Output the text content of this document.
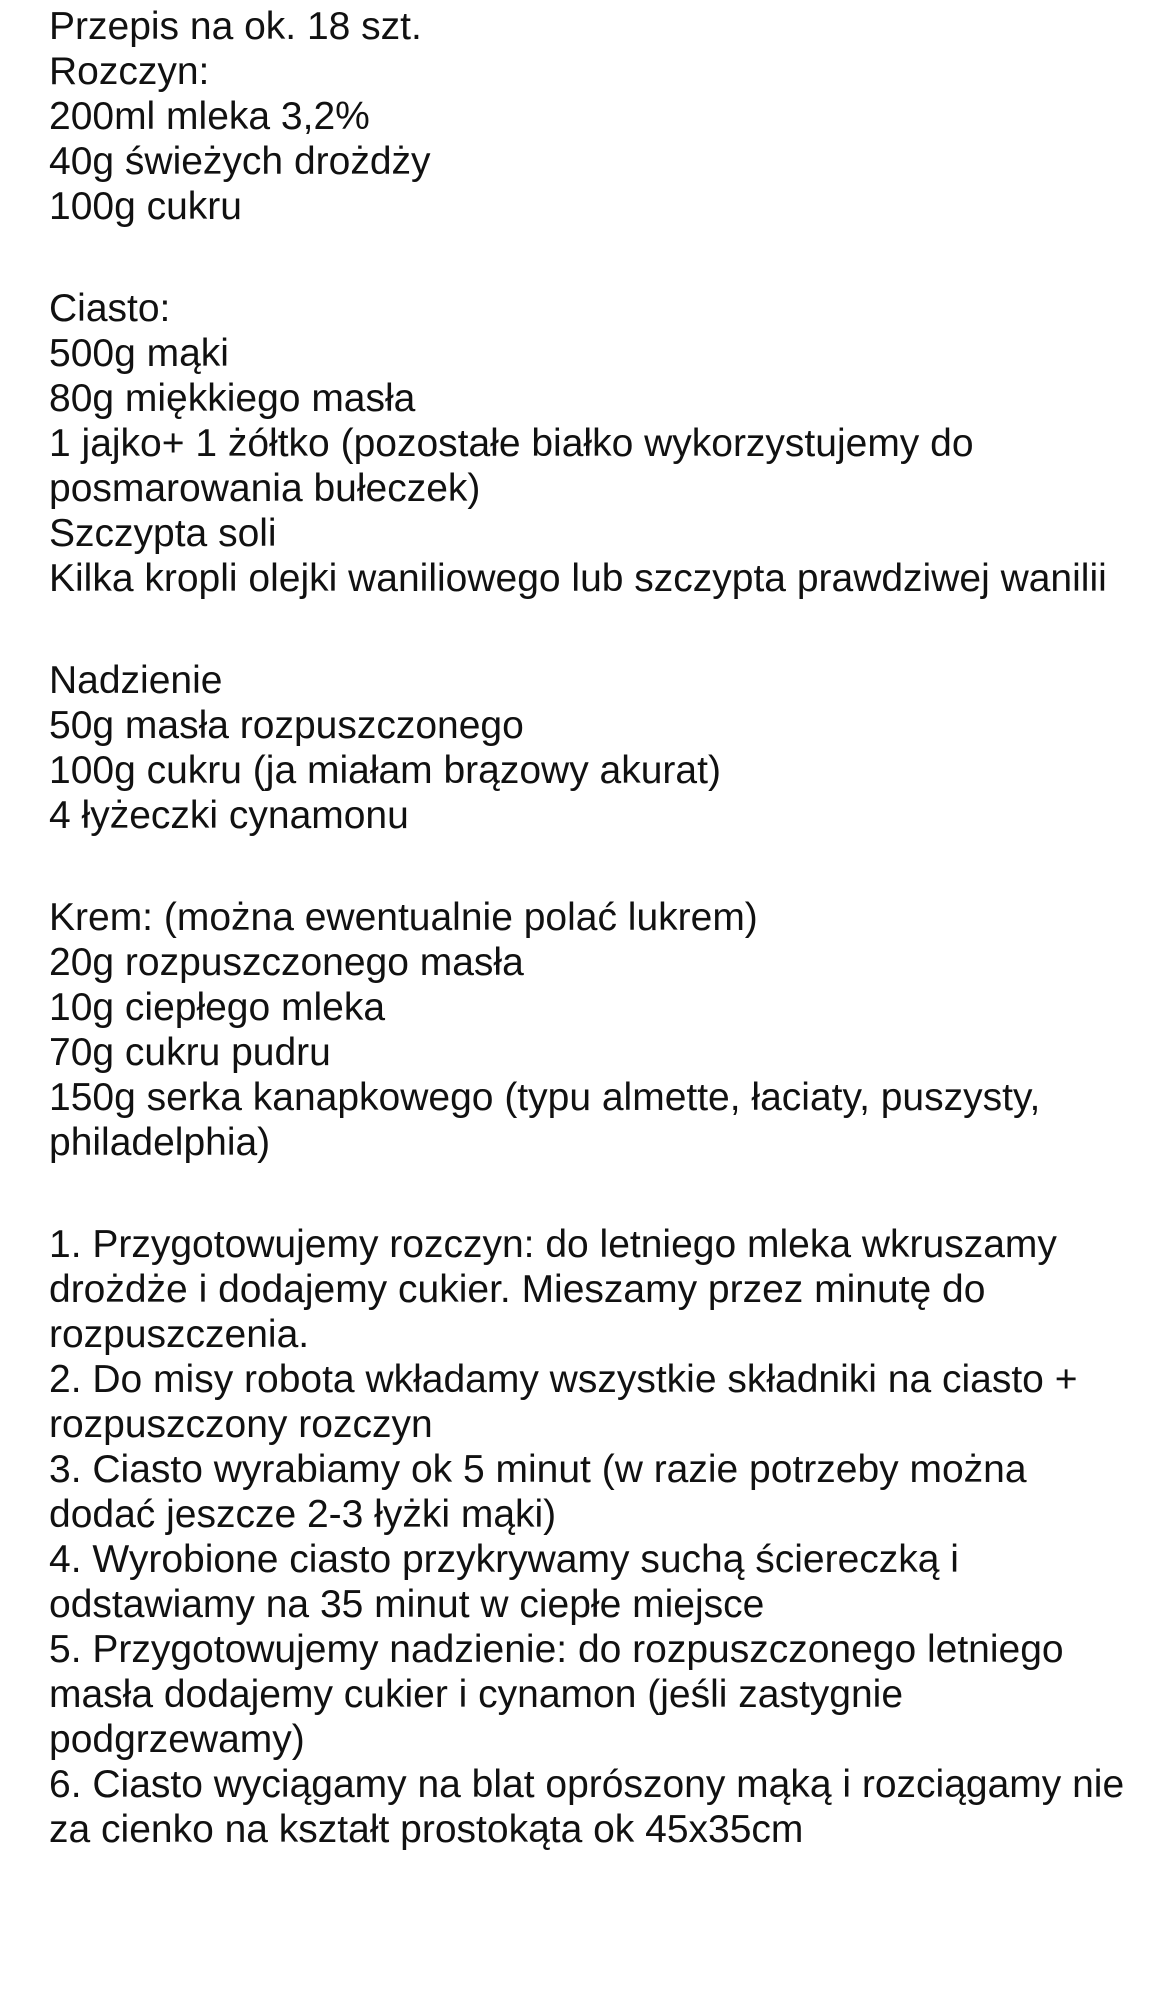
Przepis na ok. 18 szt.
Rozczyn:
200ml mleka 3,2%
40g świeżych drożdży
100g cukru
Ciasto:
500g mąki
80g miękkiego masła
1 jajko+ 1 żółtko (pozostałe białko wykorzystujemy do posmarowania bułeczek)
Szczypta soli
Kilka kropli olejki waniliowego lub szczypta prawdziwej wanilii
Nadzienie
50g masła rozpuszczonego
100g cukru (ja miałam brązowy akurat)
4 łyżeczki cynamonu
Krem: (można ewentualnie polać lukrem)
20g rozpuszczonego masła
10g ciepłego mleka
70g cukru pudru
150g serka kanapkowego (typu almette, łaciaty, puszysty, philadelphia)
1. Przygotowujemy rozczyn: do letniego mleka wkruszamy drożdże i dodajemy cukier. Mieszamy przez minutę do rozpuszczenia.
2. Do misy robota wkładamy wszystkie składniki na ciasto + rozpuszczony rozczyn
3. Ciasto wyrabiamy ok 5 minut (w razie potrzeby można dodać jeszcze 2-3 łyżki mąki)
4. Wyrobione ciasto przykrywamy suchą ściereczką i odstawiamy na 35 minut w ciepłe miejsce
5. Przygotowujemy nadzienie: do rozpuszczonego letniego masła dodajemy cukier i cynamon (jeśli zastygnie podgrzewamy)
6. Ciasto wyciągamy na blat oprószony mąką i rozciągamy nie za cienko na kształt prostokąta ok 45x35cm
